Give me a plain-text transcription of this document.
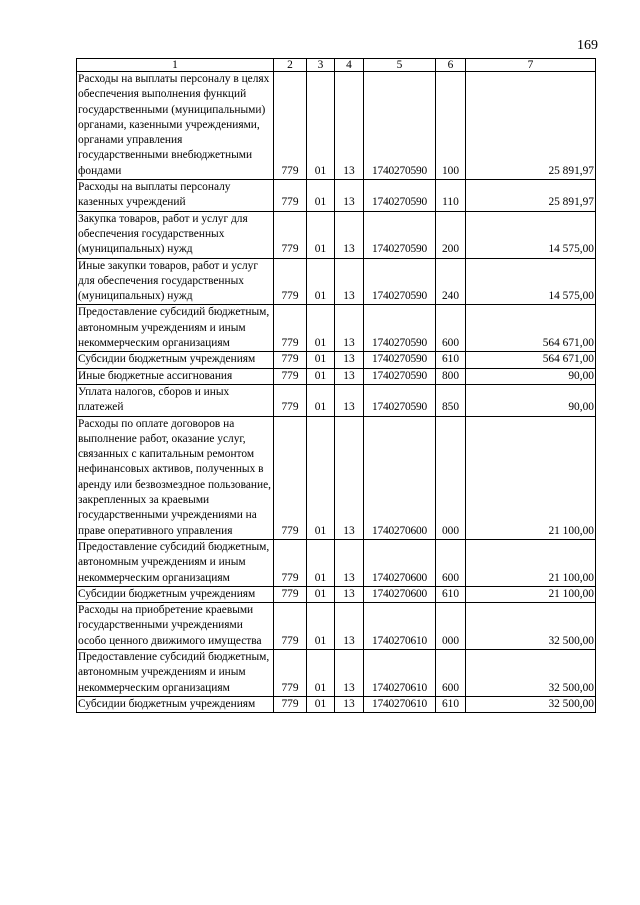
169
1	2	3	4	5	6	7
Расходы на выплаты персоналу в целях обеспечения выполнения функций государственными (муниципальными) органами, казенными учреждениями, органами управления государственными внебюджетными фондами	779	01	13	1740270590	100	25 891,97
Расходы на выплаты персоналу казенных учреждений	779	01	13	1740270590	110	25 891,97
Закупка товаров, работ и услуг для обеспечения государственных (муниципальных) нужд	779	01	13	1740270590	200	14 575,00
Иные закупки товаров, работ и услуг для обеспечения государственных (муниципальных) нужд	779	01	13	1740270590	240	14 575,00
Предоставление субсидий бюджетным, автономным учреждениям и иным некоммерческим организациям	779	01	13	1740270590	600	564 671,00
Субсидии бюджетным учреждениям	779	01	13	1740270590	610	564 671,00
Иные бюджетные ассигнования	779	01	13	1740270590	800	90,00
Уплата налогов, сборов и иных платежей	779	01	13	1740270590	850	90,00
Расходы по оплате договоров на выполнение работ, оказание услуг, связанных с капитальным ремонтом нефинансовых активов, полученных в аренду или безвозмездное пользование, закрепленных за краевыми государственными учреждениями на праве оперативного управления	779	01	13	1740270600	000	21 100,00
Предоставление субсидий бюджетным, автономным учреждениям и иным некоммерческим организациям	779	01	13	1740270600	600	21 100,00
Субсидии бюджетным учреждениям	779	01	13	1740270600	610	21 100,00
Расходы на приобретение краевыми государственными учреждениями особо ценного движимого имущества	779	01	13	1740270610	000	32 500,00
Предоставление субсидий бюджетным, автономным учреждениям и иным некоммерческим организациям	779	01	13	1740270610	600	32 500,00
Субсидии бюджетным учреждениям	779	01	13	1740270610	610	32 500,00
